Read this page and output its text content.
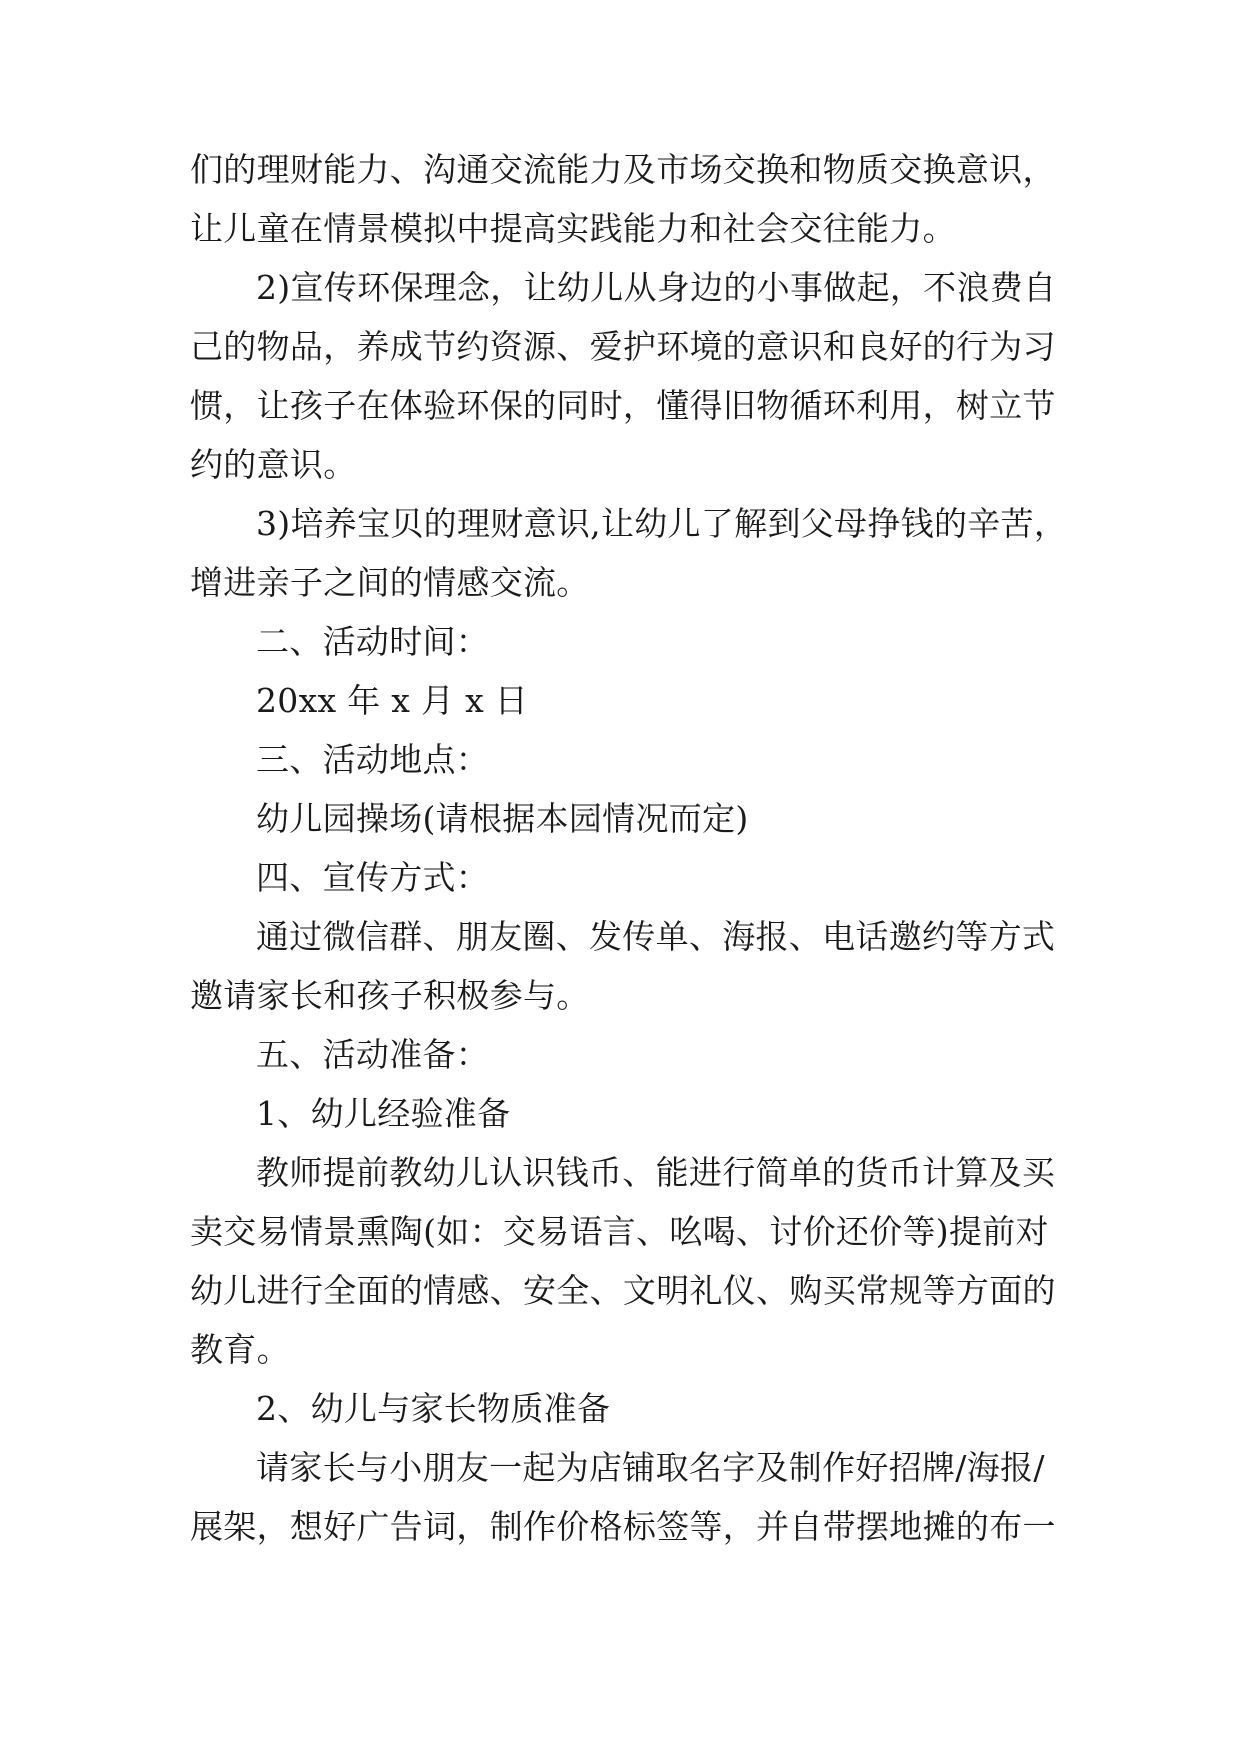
们的理财能力、沟通交流能力及市场交换和物质交换意识，
让儿童在情景模拟中提高实践能力和社会交往能力。
2)宣传环保理念，让幼儿从身边的小事做起，不浪费自
己的物品，养成节约资源、爱护环境的意识和良好的行为习
惯，让孩子在体验环保的同时，懂得旧物循环利用，树立节
约的意识。
3)培养宝贝的理财意识,让幼儿了解到父母挣钱的辛苦，
增进亲子之间的情感交流。
二、活动时间：
20xx 年 x 月 x 日
三、活动地点：
幼儿园操场(请根据本园情况而定)
四、宣传方式：
通过微信群、朋友圈、发传单、海报、电话邀约等方式
邀请家长和孩子积极参与。
五、活动准备：
1、幼儿经验准备
教师提前教幼儿认识钱币、能进行简单的货币计算及买
卖交易情景熏陶(如：交易语言、吆喝、讨价还价等)提前对
幼儿进行全面的情感、安全、文明礼仪、购买常规等方面的
教育。
2、幼儿与家长物质准备
请家长与小朋友一起为店铺取名字及制作好招牌/海报/
展架，想好广告词，制作价格标签等，并自带摆地摊的布一
